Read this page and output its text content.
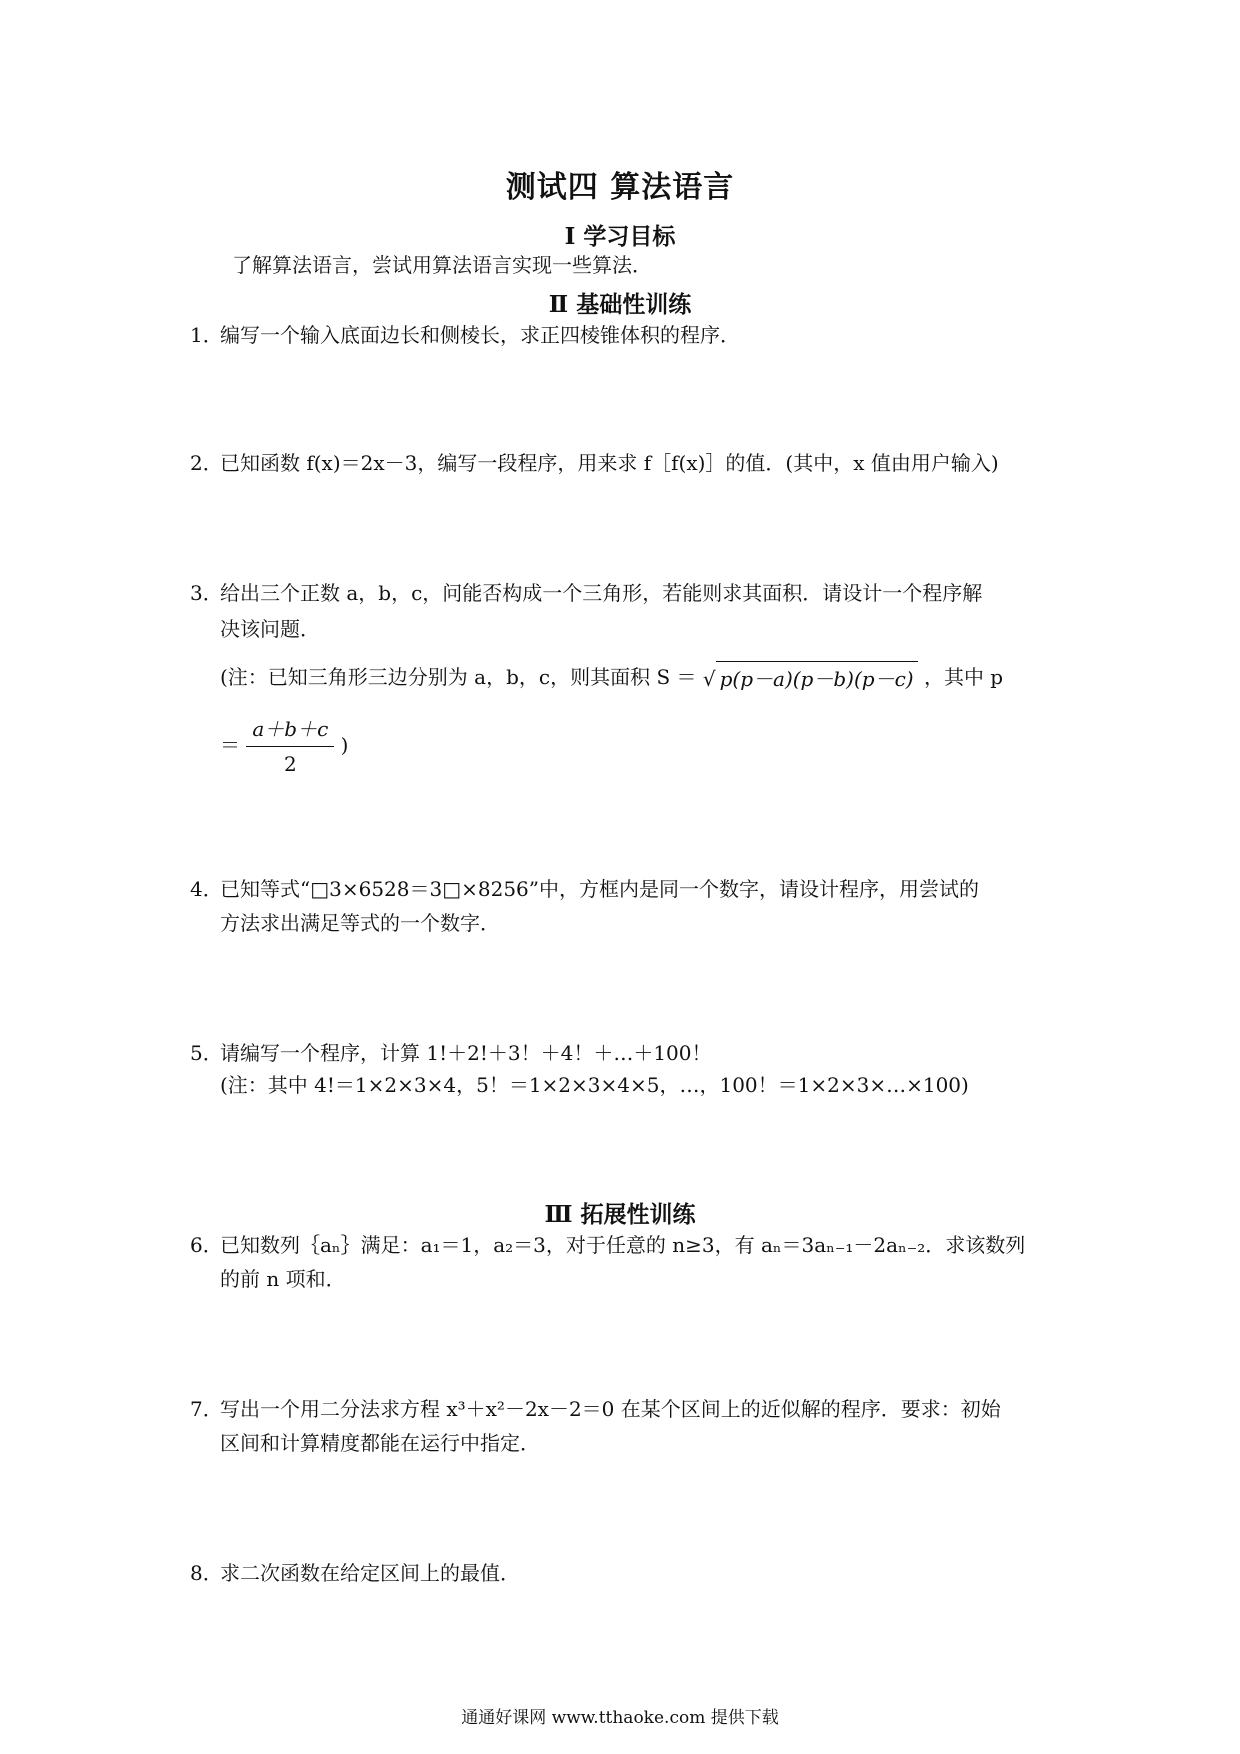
测试四 算法语言
Ⅰ 学习目标
了解算法语言，尝试用算法语言实现一些算法．
Ⅱ 基础性训练
1．编写一个输入底面边长和侧棱长，求正四棱锥体积的程序．
2．已知函数 f(x)＝2x－3，编写一段程序，用来求 f［f(x)］的值．(其中，x 值由用户输入)
3．给出三个正数 a，b，c，问能否构成一个三角形，若能则求其面积．请设计一个程序解
决该问题．
(注：已知三角形三边分别为 a，b，c，则其面积 S ＝ √ p(p－a)(p－b)(p－c) ，其中 p
＝ $\frac{a+b+c}{2}$ )
4．已知等式“□3×6528＝3□×8256”中，方框内是同一个数字，请设计程序，用尝试的
方法求出满足等式的一个数字．
5．请编写一个程序，计算 1!＋2!＋3！＋4！＋…＋100！
(注：其中 4!＝1×2×3×4，5！＝1×2×3×4×5，…，100！＝1×2×3×…×100)
Ⅲ 拓展性训练
6．已知数列｛aₙ｝满足：a₁＝1，a₂＝3，对于任意的 n≥3，有 aₙ＝3aₙ₋₁－2aₙ₋₂．求该数列
的前 n 项和．
7．写出一个用二分法求方程 x³＋x²－2x－2＝0 在某个区间上的近似解的程序．要求：初始
区间和计算精度都能在运行中指定．
8．求二次函数在给定区间上的最值．
通通好课网 www.tthaoke.com 提供下载
